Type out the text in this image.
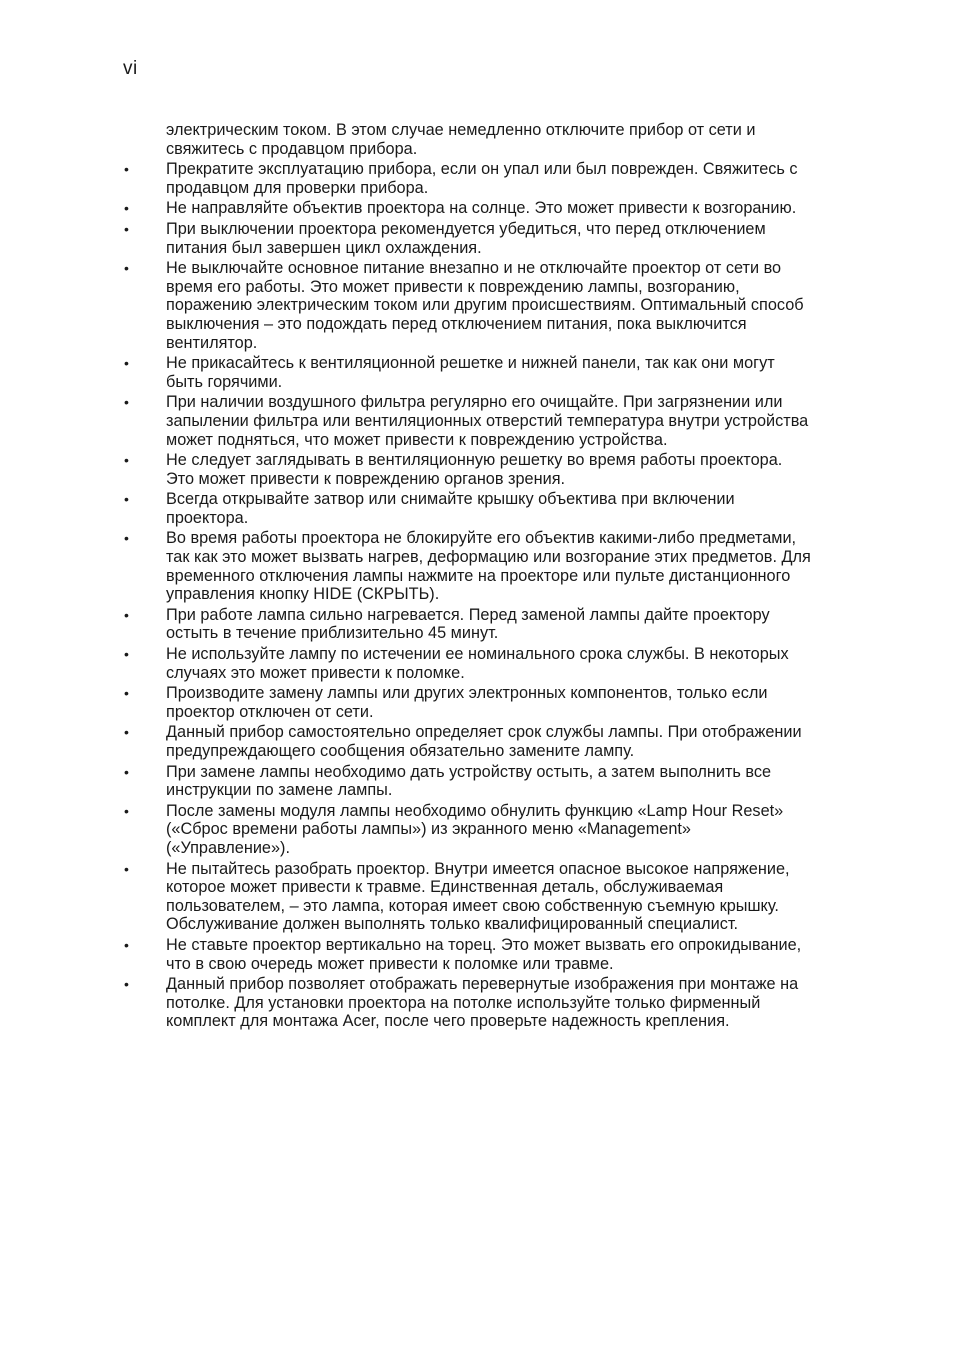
vi

электрическим током. В этом случае немедленно отключите прибор от сети и свяжитесь с продавцом прибора.

• Прекратите эксплуатацию прибора, если он упал или был поврежден. Свяжитесь с продавцом для проверки прибора.
• Не направляйте объектив проектора на солнце. Это может привести к возгоранию.
• При выключении проектора рекомендуется убедиться, что перед отключением питания был завершен цикл охлаждения.
• Не выключайте основное питание внезапно и не отключайте проектор от сети во время его работы. Это может привести к повреждению лампы, возгоранию, поражению электрическим током или другим происшествиям. Оптимальный способ выключения – это подождать перед отключением питания, пока выключится вентилятор.
• Не прикасайтесь к вентиляционной решетке и нижней панели, так как они могут быть горячими.
• При наличии воздушного фильтра регулярно его очищайте. При загрязнении или запылении фильтра или вентиляционных отверстий температура внутри устройства может подняться, что может привести к повреждению устройства.
• Не следует заглядывать в вентиляционную решетку во время работы проектора. Это может привести к повреждению органов зрения.
• Всегда открывайте затвор или снимайте крышку объектива при включении проектора.
• Во время работы проектора не блокируйте его объектив какими-либо предметами, так как это может вызвать нагрев, деформацию или возгорание этих предметов. Для временного отключения лампы нажмите на проекторе или пульте дистанционного управления кнопку HIDE (СКРЫТЬ).
• При работе лампа сильно нагревается. Перед заменой лампы дайте проектору остыть в течение приблизительно 45 минут.
• Не используйте лампу по истечении ее номинального срока службы. В некоторых случаях это может привести к поломке.
• Производите замену лампы или других электронных компонентов, только если проектор отключен от сети.
• Данный прибор самостоятельно определяет срок службы лампы. При отображении предупреждающего сообщения обязательно замените лампу.
• При замене лампы необходимо дать устройству остыть, а затем выполнить все инструкции по замене лампы.
• После замены модуля лампы необходимо обнулить функцию «Lamp Hour Reset» («Сброс времени работы лампы») из экранного меню «Management» («Управление»).
• Не пытайтесь разобрать проектор. Внутри имеется опасное высокое напряжение, которое может привести к травме. Единственная деталь, обслуживаемая пользователем, – это лампа, которая имеет свою собственную съемную крышку. Обслуживание должен выполнять только квалифицированный специалист.
• Не ставьте проектор вертикально на торец. Это может вызвать его опрокидывание, что в свою очередь может привести к поломке или травме.
• Данный прибор позволяет отображать перевернутые изображения при монтаже на потолке. Для установки проектора на потолке используйте только фирменный комплект для монтажа Acer, после чего проверьте надежность крепления.
